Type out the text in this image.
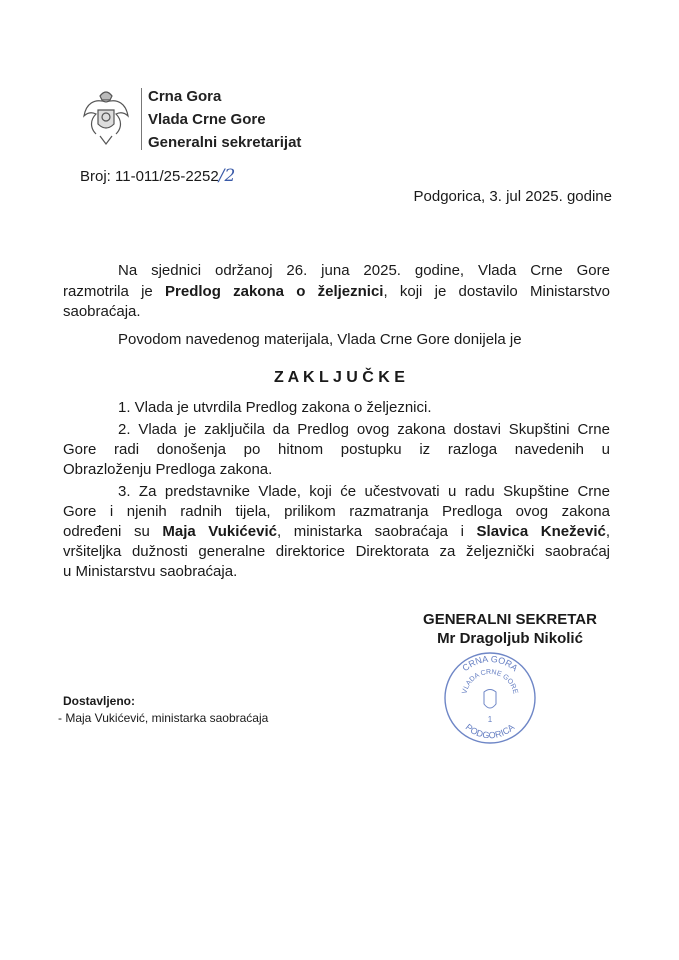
Crna Gora
Vlada Crne Gore
Generalni sekretarijat
Broj: 11-011/25-2252/2
Podgorica, 3. jul 2025. godine
Na sjednici održanoj 26. juna 2025. godine, Vlada Crne Gore
razmotrila je Predlog zakona o željeznici, koji je dostavilo Ministarstvo
saobraćaja.
Povodom navedenog materijala, Vlada Crne Gore donijela je
1. Vlada je utvrdila Predlog zakona o željeznici.
2. Vlada je zaključila da Predlog ovog zakona dostavi Skupštini Crne
Gore radi donošenja po hitnom postupku iz razloga navedenih u
Obrazloženju Predloga zakona.
3. Za predstavnike Vlade, koji će učestvovati u radu Skupštine Crne
Gore i njenih radnih tijela, prilikom razmatranja Predloga ovog zakona
određeni su Maja Vukićević, ministarka saobraćaja i Slavica Knežević,
vršiteljka dužnosti generalne direktorice Direktorata za željeznički saobraćaj
u Ministarstvu saobraćaja.
Z A K L J U Č K E
GENERALNI SEKRETAR
Mr Dragoljub Nikolić
CRNA GORA
VLADA CRNE GORE
1
PODGORICA
Dostavljeno:
- Maja Vukićević, ministarka saobraćaja
